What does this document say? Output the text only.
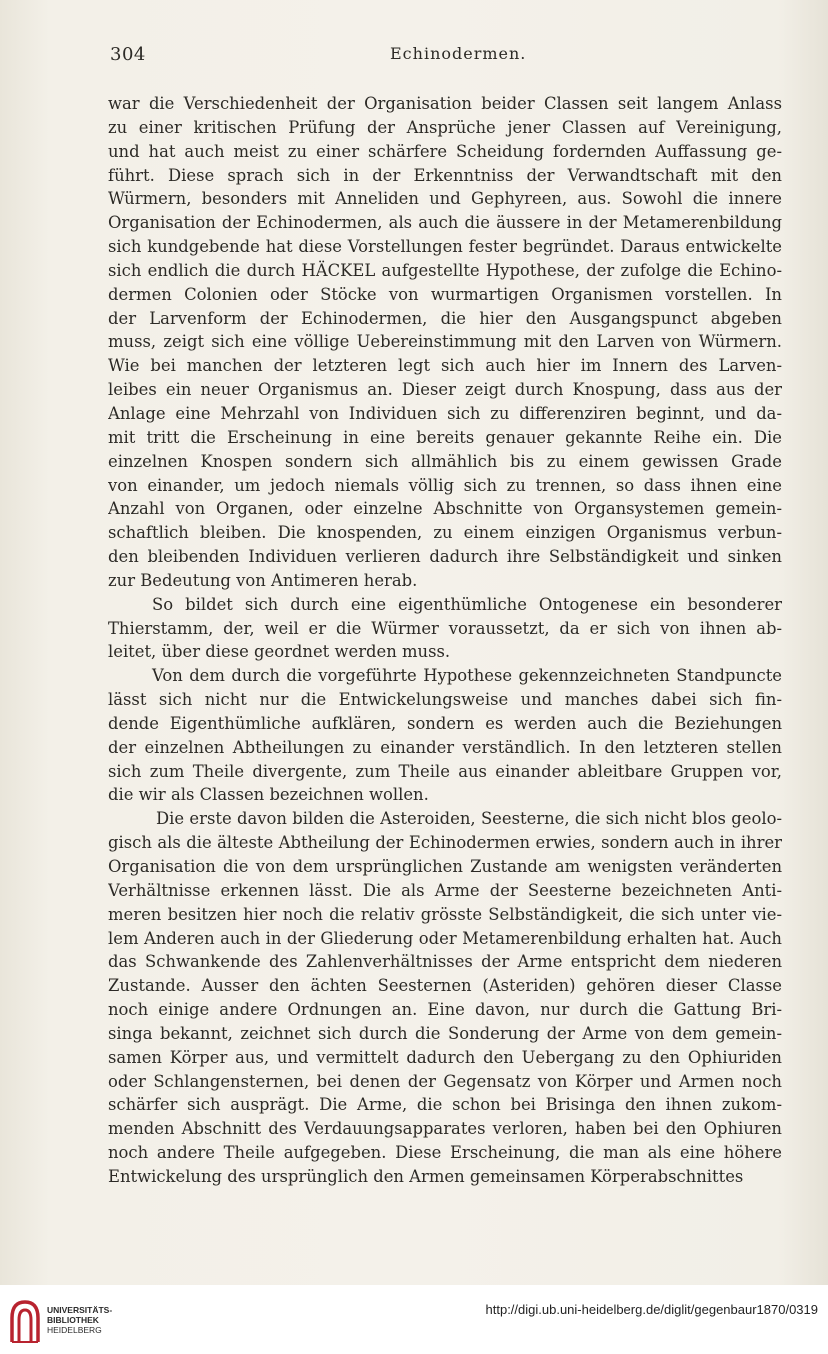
304	Echinodermen.
war die Verschiedenheit der Organisation beider Classen seit langem Anlass
zu einer kritischen Prüfung der Ansprüche jener Classen auf Vereinigung,
und hat auch meist zu einer schärfere Scheidung fordernden Auffassung ge-
führt. Diese sprach sich in der Erkenntniss der Verwandtschaft mit den
Würmern, besonders mit Anneliden und Gephyreen, aus. Sowohl die innere
Organisation der Echinodermen, als auch die äussere in der Metamerenbildung
sich kundgebende hat diese Vorstellungen fester begründet. Daraus entwickelte
sich endlich die durch HÄCKEL aufgestellte Hypothese, der zufolge die Echino-
dermen Colonien oder Stöcke von wurmartigen Organismen vorstellen. In
der Larvenform der Echinodermen, die hier den Ausgangspunct abgeben
muss, zeigt sich eine völlige Uebereinstimmung mit den Larven von Würmern.
Wie bei manchen der letzteren legt sich auch hier im Innern des Larven-
leibes ein neuer Organismus an. Dieser zeigt durch Knospung, dass aus der
Anlage eine Mehrzahl von Individuen sich zu differenziren beginnt, und da-
mit tritt die Erscheinung in eine bereits genauer gekannte Reihe ein. Die
einzelnen Knospen sondern sich allmählich bis zu einem gewissen Grade
von einander, um jedoch niemals völlig sich zu trennen, so dass ihnen eine
Anzahl von Organen, oder einzelne Abschnitte von Organsystemen gemein-
schaftlich bleiben. Die knospenden, zu einem einzigen Organismus verbun-
den bleibenden Individuen verlieren dadurch ihre Selbständigkeit und sinken
zur Bedeutung von Antimeren herab.
So bildet sich durch eine eigenthümliche Ontogenese ein besonderer
Thierstamm, der, weil er die Würmer voraussetzt, da er sich von ihnen ab-
leitet, über diese geordnet werden muss.
Von dem durch die vorgeführte Hypothese gekennzeichneten Standpuncte
lässt sich nicht nur die Entwickelungsweise und manches dabei sich fin-
dende Eigenthümliche aufklären, sondern es werden auch die Beziehungen
der einzelnen Abtheilungen zu einander verständlich. In den letzteren stellen
sich zum Theile divergente, zum Theile aus einander ableitbare Gruppen vor,
die wir als Classen bezeichnen wollen.
Die erste davon bilden die Asteroiden, Seesterne, die sich nicht blos geolo-
gisch als die älteste Abtheilung der Echinodermen erwies, sondern auch in ihrer
Organisation die von dem ursprünglichen Zustande am wenigsten veränderten
Verhältnisse erkennen lässt. Die als Arme der Seesterne bezeichneten Anti-
meren besitzen hier noch die relativ grösste Selbständigkeit, die sich unter vie-
lem Anderen auch in der Gliederung oder Metamerenbildung erhalten hat. Auch
das Schwankende des Zahlenverhältnisses der Arme entspricht dem niederen
Zustande. Ausser den ächten Seesternen (Asteriden) gehören dieser Classe
noch einige andere Ordnungen an. Eine davon, nur durch die Gattung Bri-
singa bekannt, zeichnet sich durch die Sonderung der Arme von dem gemein-
samen Körper aus, und vermittelt dadurch den Uebergang zu den Ophiuriden
oder Schlangensternen, bei denen der Gegensatz von Körper und Armen noch
schärfer sich ausprägt. Die Arme, die schon bei Brisinga den ihnen zukom-
menden Abschnitt des Verdauungsapparates verloren, haben bei den Ophiuren
noch andere Theile aufgegeben. Diese Erscheinung, die man als eine höhere
Entwickelung des ursprünglich den Armen gemeinsamen Körperabschnittes
UNIVERSITÄTS-
BIBLIOTHEK
HEIDELBERG
http://digi.ub.uni-heidelberg.de/diglit/gegenbaur1870/0319
